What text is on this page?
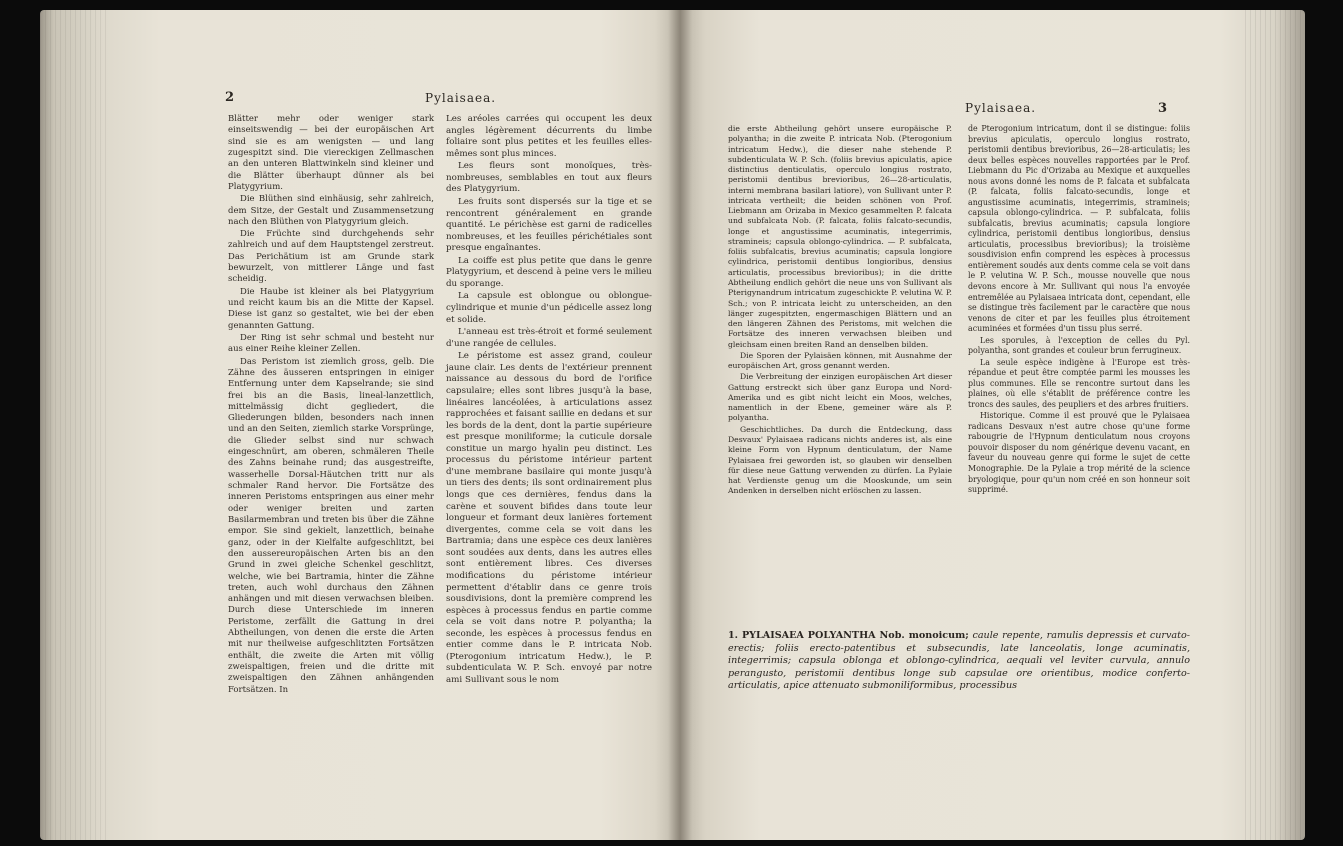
2	Pylaisaea.

Blätter mehr oder weniger stark einseitswendig — bei der europäischen Art sind sie es am wenigsten — und lang zugespitzt sind. Die viereckigen Zellmaschen an den unteren Blattwinkeln sind kleiner und die Blätter überhaupt dünner als bei Platygyrium.

Die Blüthen sind einhäusig, sehr zahlreich, dem Sitze, der Gestalt und Zusammensetzung nach den Blüthen von Platygyrium gleich.

Die Früchte sind durchgehends sehr zahlreich und auf dem Hauptstengel zerstreut. Das Perichätium ist am Grunde stark bewurzelt, von mittlerer Länge und fast scheidig.

Die Haube ist kleiner als bei Platygyrium und reicht kaum bis an die Mitte der Kapsel. Diese ist ganz so gestaltet, wie bei der eben genannten Gattung.

Der Ring ist sehr schmal und besteht nur aus einer Reihe kleiner Zellen.

Das Peristom ist ziemlich gross, gelb. Die Zähne des äusseren entspringen in einiger Entfernung unter dem Kapselrande; sie sind frei bis an die Basis, lineal-lanzettlich, mittelmässig dicht gegliedert, die Gliederungen bilden, besonders nach innen und an den Seiten, ziemlich starke Vorsprünge, die Glieder selbst sind nur schwach eingeschnürt, am oberen, schmäleren Theile des Zahns beinahe rund; das ausgestreifte, wasserhelle Dorsal-Häutchen tritt nur als schmaler Rand hervor. Die Fortsätze des inneren Peristoms entspringen aus einer mehr oder weniger breiten und zarten Basilarmembran und treten bis über die Zähne empor. Sie sind gekielt, lanzettlich, beinahe ganz, oder in der Kielfalte aufgeschlitzt, bei den aussereuropäischen Arten bis an den Grund in zwei gleiche Schenkel geschlitzt, welche, wie bei Bartramia, hinter die Zähne treten, auch wohl durchaus den Zähnen anhängen und mit diesen verwachsen bleiben. Durch diese Unterschiede im inneren Peristome, zerfällt die Gattung in drei Abtheilungen, von denen die erste die Arten mit nur theilweise aufgeschlitzten Fortsätzen enthält, die zweite die Arten mit völlig zweispaltigen, freien und die dritte mit zweispaltigen den Zähnen anhängenden Fortsätzen. In

Les aréoles carrées qui occupent les deux angles légèrement décurrents du limbe foliaire sont plus petites et les feuilles elles-mêmes sont plus minces.

Les fleurs sont monoïques, très-nombreuses, semblables en tout aux fleurs des Platygyrium.

Les fruits sont dispersés sur la tige et se rencontrent généralement en grande quantité. Le périchèse est garni de radicelles nombreuses, et les feuilles périchétiales sont presque engaînantes.

La coiffe est plus petite que dans le genre Platygyrium, et descend à peine vers le milieu du sporange.

La capsule est oblongue ou oblongue-cylindrique et munie d'un pédicelle assez long et solide.

L'anneau est très-étroit et formé seulement d'une rangée de cellules.

Le péristome est assez grand, couleur jaune clair. Les dents de l'extérieur prennent naissance au dessous du bord de l'orifice capsulaire; elles sont libres jusqu'à la base, linéaires lancéolées, à articulations assez rapprochées et faisant saillie en dedans et sur les bords de la dent, dont la partie supérieure est presque moniliforme; la cuticule dorsale constitue un margo hyalin peu distinct. Les processus du péristome intérieur partent d'une membrane basilaire qui monte jusqu'à un tiers des dents; ils sont ordinairement plus longs que ces dernières, fendus dans la carène et souvent bifides dans toute leur longueur et formant deux lanières fortement divergentes, comme cela se voit dans les Bartramia; dans une espèce ces deux lanières sont soudées aux dents, dans les autres elles sont entièrement libres. Ces diverses modifications du péristome intérieur permettent d'établir dans ce genre trois sousdivisions, dont la première comprend les espèces à processus fendus en partie comme cela se voit dans notre P. polyantha; la seconde, les espèces à processus fendus en entier comme dans le P. intricata Nob. (Pterogonium intricatum Hedw.), le P. subdenticulata W. P. Sch. envoyé par notre ami Sullivant sous le nom

Pylaisaea.	3

die erste Abtheilung gehört unsere europäische P. polyantha; in die zweite P. intricata Nob. (Pterogonium intricatum Hedw.), die dieser nahe stehende P. subdenticulata W. P. Sch. (foliis brevius apiculatis, apice distinctius denticulatis, operculo longius rostrato, peristomii dentibus brevioribus, 26—28-articulatis, interni membrana basilari latiore), von Sullivant unter P. intricata vertheilt; die beiden schönen von Prof. Liebmann am Orizaba in Mexico gesammelten P. falcata und subfalcata Nob. (P. falcata, foliis falcato-secundis, longe et angustissime acuminatis, integerrimis, stramineis; capsula oblongo-cylindrica. — P. subfalcata, foliis subfalcatis, brevius acuminatis; capsula longiore cylindrica, peristomii dentibus longioribus, densius articulatis, processibus brevioribus); in die dritte Abtheilung endlich gehört die neue uns von Sullivant als Pterigynandrum intricatum zugeschickte P. velutina W. P. Sch.; von P. intricata leicht zu unterscheiden, an den länger zugespitzten, engermaschigen Blättern und an den längeren Zähnen des Peristoms, mit welchen die Fortsätze des inneren verwachsen bleiben und gleichsam einen breiten Rand an denselben bilden.

Die Sporen der Pylaisäen können, mit Ausnahme der europäischen Art, gross genannt werden.

Die Verbreitung der einzigen europäischen Art dieser Gattung erstreckt sich über ganz Europa und Nord-Amerika und es gibt nicht leicht ein Moos, welches, namentlich in der Ebene, gemeiner wäre als P. polyantha.

Geschichtliches. Da durch die Entdeckung, dass Desvaux' Pylaisaea radicans nichts anderes ist, als eine kleine Form von Hypnum denticulatum, der Name Pylaisaea frei geworden ist, so glauben wir denselben für diese neue Gattung verwenden zu dürfen. La Pylaie hat Verdienste genug um die Mooskunde, um sein Andenken in derselben nicht erlöschen zu lassen.

de Pterogonium intricatum, dont il se distingue: foliis brevius apiculatis, operculo longius rostrato, peristomii dentibus brevioribus, 26—28-articulatis; les deux belles espèces nouvelles rapportées par le Prof. Liebmann du Pic d'Orizaba au Mexique et auxquelles nous avons donné les noms de P. falcata et subfalcata (P. falcata, foliis falcato-secundis, longe et angustissime acuminatis, integerrimis, stramineis; capsula oblongo-cylindrica. — P. subfalcata, foliis subfalcatis, brevius acuminatis; capsula longiore cylindrica, peristomii dentibus longioribus, densius articulatis, processibus brevioribus); la troisième sousdivision enfin comprend les espèces à processus entièrement soudés aux dents comme cela se voit dans le P. velutina W. P. Sch., mousse nouvelle que nous devons encore à Mr. Sullivant qui nous l'a envoyée entremêlée au Pylaisaea intricata dont, cependant, elle se distingue très facilement par le caractère que nous venons de citer et par les feuilles plus étroitement acuminées et formées d'un tissu plus serré.

Les sporules, à l'exception de celles du Pyl. polyantha, sont grandes et couleur brun ferrugineux.

La seule espèce indigène à l'Europe est très-répandue et peut être comptée parmi les mousses les plus communes. Elle se rencontre surtout dans les plaines, où elle s'établit de préférence contre les troncs des saules, des peupliers et des arbres fruitiers.

Historique. Comme il est prouvé que le Pylaisaea radicans Desvaux n'est autre chose qu'une forme rabougrie de l'Hypnum denticulatum nous croyons pouvoir disposer du nom générique devenu vacant, en faveur du nouveau genre qui forme le sujet de cette Monographie. De la Pylaie a trop mérité de la science bryologique, pour qu'un nom créé en son honneur soit supprimé.

1. PYLAISAEA POLYANTHA Nob. monoicum; caule repente, ramulis depressis et curvato-erectis; foliis erecto-patentibus et subsecundis, late lanceolatis, longe acuminatis, integerrimis; capsula oblonga et oblongo-cylindrica, aequali vel leviter curvula, annulo perangusto, peristomii dentibus longe sub capsulae ore orientibus, modice conferto-articulatis, apice attenuato submoniliformibus, processibus
